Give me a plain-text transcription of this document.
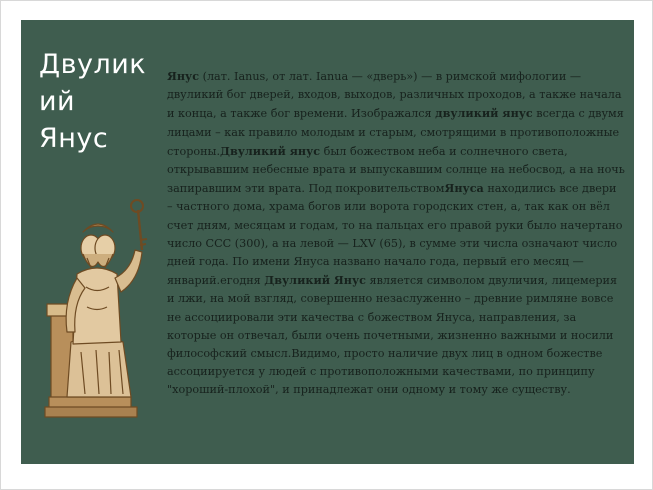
Двулик
ий
Янус
Янус (лат. Ianus, от лат. Ianua — «дверь») — в римской мифологии — двуликий бог дверей, входов, выходов, различных проходов, а также начала и конца, а также бог времени. Изображался двуликий янус всегда с двумя лицами – как правило молодым и старым, смотрящими в противоположные стороны.Двуликий янус был божеством неба и солнечного света, открывавшим небесные врата и выпускавшим солнце на небосвод, а на ночь запиравшим эти врата. Под покровительствомЯнуса находились все двери – частного дома, храма богов или ворота городских стен, а, так как он вёл счет дням, месяцам и годам, то на пальцах его правой руки было начертано число CCC (300), а на левой — LXV (65), в сумме эти числа означают число дней года. По имени Януса названо начало года, первый его месяц — январий.егодня Двуликий Янус является символом двуличия, лицемерия и лжи, на мой взгляд, совершенно незаслуженно – древние римляне вовсе не ассоциировали эти качества с божеством Януса, направления, за которые он отвечал, были очень почетными, жизненно важными и носили философский смысл.Видимо, просто наличие двух лиц в одном божестве ассоциируется у людей с противоположными качествами, по принципу "хороший-плохой", и принадлежат они одному и тому же существу.
